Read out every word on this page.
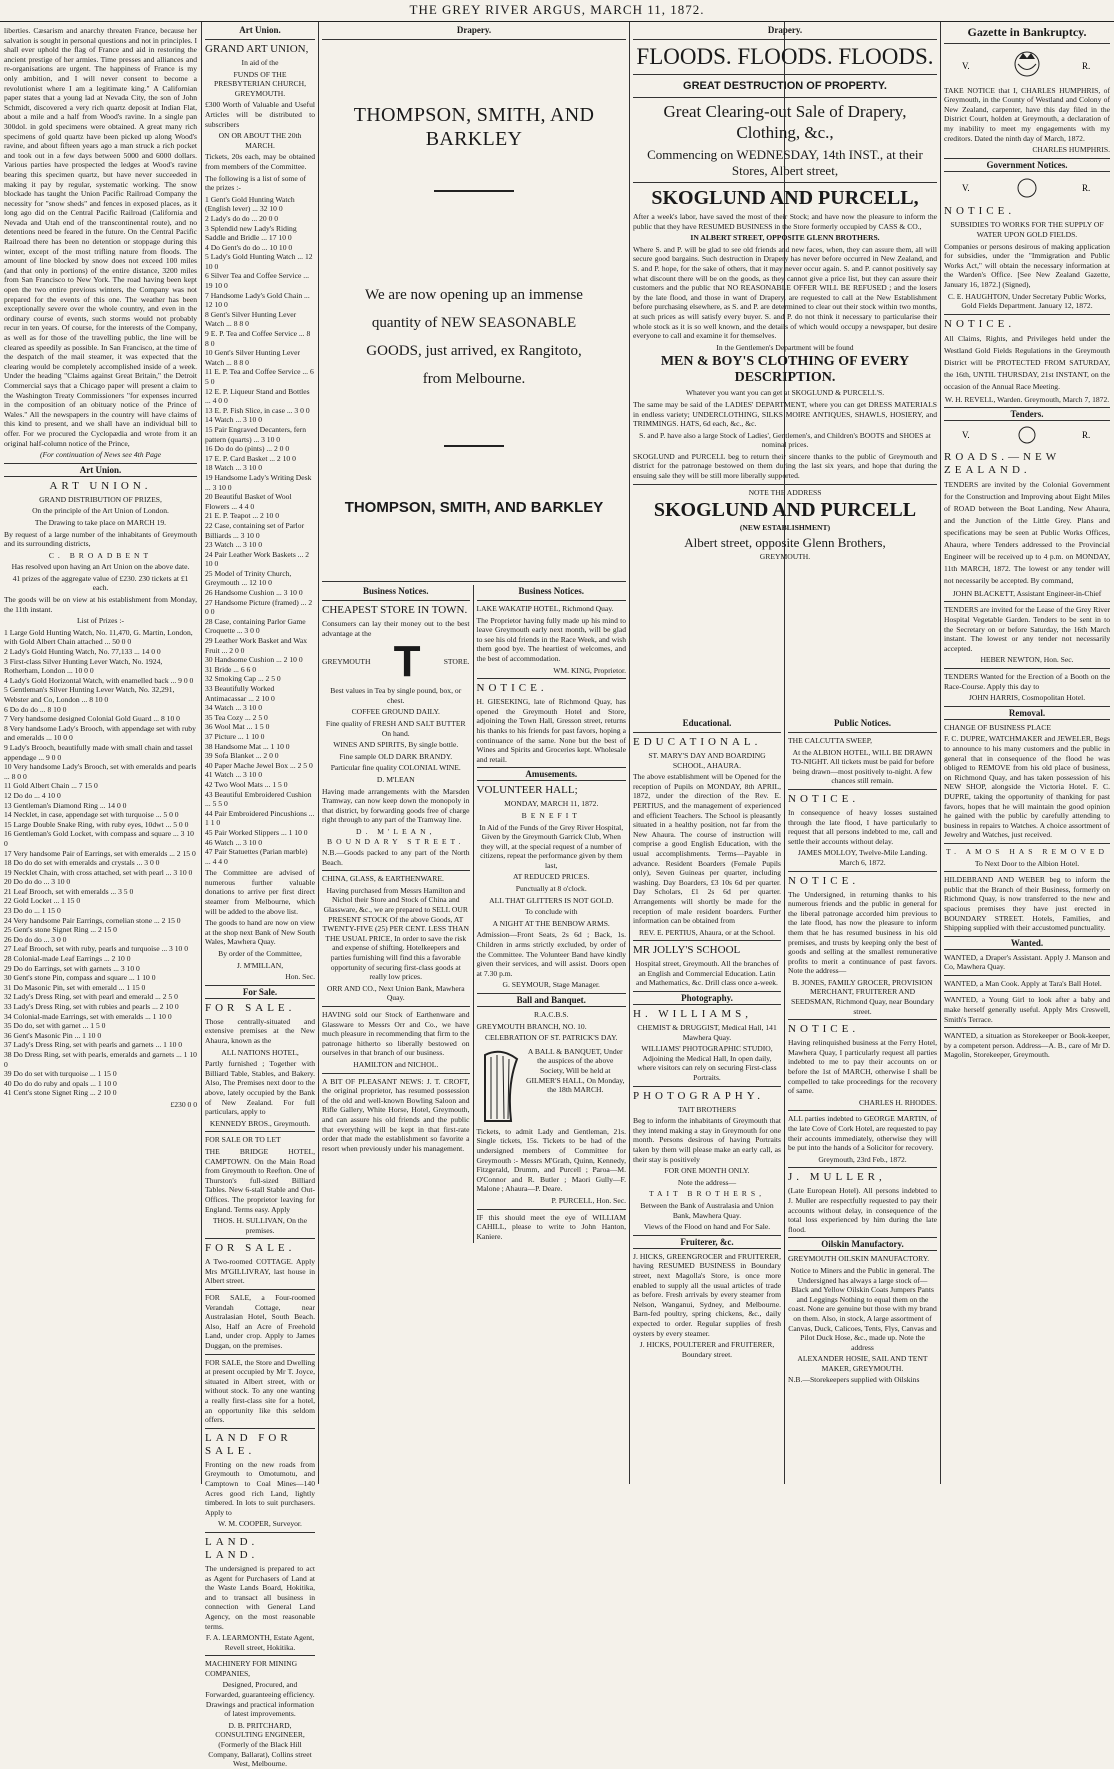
THE GREY RIVER ARGUS, MARCH 11, 1872.

liberties. Cæsarism and anarchy threaten France, because her salvation is sought in personal questions and not in principles. I shall ever uphold the flag of France and aid in restoring the ancient prestige of her armies. Time presses and alliances and re-organisations are urgent. The happiness of France is my only ambition, and I will never consent to become a revolutionist where I am a legitimate king." A Californian paper states that a young lad at Nevada City, the son of John Schmidt, discovered a very rich quartz deposit at Indian Flat, about a mile and a half from Wood's ravine. In a single pan 300dol. in gold specimens were obtained. A great many rich specimens of gold quartz have been picked up along Wood's ravine, and about fifteen years ago a man struck a rich pocket and took out in a few days between 5000 and 6000 dollars. Various parties have prospected the ledges at Wood's ravine bearing this specimen quartz, but have never succeeded in making it pay by regular, systematic working. The snow blockade has taught the Union Pacific Railroad Company the necessity for "snow sheds" and fences in exposed places, as it long ago did on the Central Pacific Railroad (California and Nevada and Utah end of the transcontinental route), and no detentions need be feared in the future. On the Central Pacific Railroad there has been no detention or stoppage during this winter, except of the most trifling nature from floods. The amount of line blocked by snow does not exceed 100 miles (and that only in portions) of the entire distance, 3200 miles from San Francisco to New York. The road having been kept open the two entire previous winters, the Company was not prepared for the events of this one. The weather has been exceptionally severe over the whole country, and even in the ordinary course of events, such storms would not probably recur in ten years. Of course, for the interests of the Company, as well as for those of the travelling public, the line will be cleared as speedily as possible. In San Francisco, at the time of the despatch of the mail steamer, it was expected that the clearing would be completely accomplished inside of a week. Under the heading "Claims against Great Britain," the Detroit Commercial says that a Chicago paper will present a claim to the Washington Treaty Commissioners "for expenses incurred in the composition of an obituary notice of the Prince of Wales." All the newspapers in the country will have claims of this kind to present, and we shall have an individual bill to offer. For we procured the Cyclopædia and wrote from it an original half-column notice of the Prince,

(For continuation of News see 4th Page

Art Union.

ART UNION.

GRAND DISTRIBUTION OF PRIZES,

On the principle of the Art Union of London.

The Drawing to take place on MARCH 19.

By request of a large number of the inhabitants of Greymouth and its surrounding districts,

C. BROADBENT

Has resolved upon having an Art Union on the above date.

41 prizes of the aggregate value of £230. 230 tickets at £1 each.

The goods will be on view at his establishment from Monday, the 11th instant.

List of Prizes :-

1 Large Gold Hunting Watch, No. 11,470, G. Martin, London, with Gold Albert Chain attached ... 50 0 0
2 Lady's Gold Hunting Watch, No. 77,133 ... 14 0 0
3 First-class Silver Hunting Lever Watch, No. 1924, Rotherham, London ... 10 0 0
4 Lady's Gold Horizontal Watch, with enamelled back ... 9 0 0
5 Gentleman's Silver Hunting Lever Watch, No. 32,291, Webster and Co, London ... 8 10 0
6 Do do do ... 8 10 0
7 Very handsome designed Colonial Gold Guard ... 8 10 0
8 Very handsome Lady's Brooch, with appendage set with ruby and emeralds ... 10 0 0
9 Lady's Brooch, beautifully made with small chain and tassel appendage ... 9 0 0
10 Very handsome Lady's Brooch, set with emeralds and pearls ... 8 0 0
11 Gold Albert Chain ... 7 15 0
12 Do do ... 4 10 0
13 Gentleman's Diamond Ring ... 14 0 0
14 Necklet, in case, appendage set with turquoise ... 5 0 0
15 Large Double Snake Ring, with ruby eyes, 10dwt ... 5 0 0
16 Gentleman's Gold Locket, with compass and square ... 3 10 0
17 Very handsome Pair of Earrings, set with emeralds ... 2 15 0
18 Do do do set with emeralds and crystals ... 3 0 0
19 Necklet Chain, with cross attached, set with pearl ... 3 10 0
20 Do do do ... 3 10 0
21 Leaf Brooch, set with emeralds ... 3 5 0
22 Gold Locket ... 1 15 0
23 Do do ... 1 15 0
24 Very handsome Pair Earrings, cornelian stone ... 2 15 0
25 Gent's stone Signet Ring ... 2 15 0
26 Do do do ... 3 0 0
27 Leaf Brooch, set with ruby, pearls and turquoise ... 3 10 0
28 Colonial-made Leaf Earrings ... 2 10 0
29 Do do Earrings, set with garnets ... 3 10 0
30 Gent's stone Pin, compass and square ... 1 10 0
31 Do Masonic Pin, set with emerald ... 1 15 0
32 Lady's Dress Ring, set with pearl and emerald ... 2 5 0
33 Lady's Dress Ring, set with rubies and pearls ... 2 10 0
34 Colonial-made Earrings, set with emeralds ... 1 10 0
35 Do do, set with garnet ... 1 5 0
36 Gent's Masonic Pin ... 1 10 0
37 Lady's Dress Ring, set with pearls and garnets ... 1 10 0
38 Do Dress Ring, set with pearls, emeralds and garnets ... 1 10 0
39 Do do set with turquoise ... 1 15 0
40 Do do do ruby and opals ... 1 10 0
41 Cent's stone Signet Ring ... 2 10 0

£230 0 0

Art Union.

GRAND ART UNION,

In aid of the

FUNDS OF THE PRESBYTERIAN CHURCH, GREYMOUTH.

£300 Worth of Valuable and Useful Articles will be distributed to subscribers

ON OR ABOUT THE 20th MARCH.

Tickets, 20s each, may be obtained from members of the Committee.

The following is a list of some of the prizes :-

1 Gent's Gold Hunting Watch (English lever) ... 32 10 0
2 Lady's do do ... 20 0 0
3 Splendid new Lady's Riding Saddle and Bridle ... 17 10 0
4 Do Gent's do do ... 10 10 0
5 Lady's Gold Hunting Watch ... 12 10 0
6 Silver Tea and Coffee Service ... 19 10 0
7 Handsome Lady's Gold Chain ... 12 10 0
8 Gent's Silver Hunting Lever Watch ... 8 8 0
9 E. P. Tea and Coffee Service ... 8 8 0
10 Gent's Silver Hunting Lever Watch ... 8 8 0
11 E. P. Tea and Coffee Service ... 6 5 0
12 E. P. Liqueur Stand and Bottles ... 4 0 0
13 E. P. Fish Slice, in case ... 3 0 0
14 Watch ... 3 10 0
15 Pair Engraved Decanters, fern pattern (quarts) ... 3 10 0
16 Do do do (pints) ... 2 0 0
17 E. P. Card Basket ... 2 10 0
18 Watch ... 3 10 0
19 Handsome Lady's Writing Desk ... 3 10 0
20 Beautiful Basket of Wool Flowers ... 4 4 0
21 E. P. Teapot ... 2 10 0
22 Case, containing set of Parlor Billiards ... 3 10 0
23 Watch ... 3 10 0
24 Pair Leather Work Baskets ... 2 10 0
25 Model of Trinity Church, Greymouth ... 12 10 0
26 Handsome Cushion ... 3 10 0
27 Handsome Picture (framed) ... 2 0 0
28 Case, containing Parlor Game Croquette ... 3 0 0
29 Leather Work Basket and Wax Fruit ... 2 0 0
30 Handsome Cushion ... 2 10 0
31 Bride ... 6 6 0
32 Smoking Cap ... 2 5 0
33 Beautifully Worked Antimacassar ... 2 10 0
34 Watch ... 3 10 0
35 Tea Cozy ... 2 5 0
36 Wool Mat ... 1 5 0
37 Picture ... 1 10 0
38 Handsome Mat ... 1 10 0
39 Sofa Blanket ... 2 0 0
40 Paper Mache Jewel Box ... 2 5 0
41 Watch ... 3 10 0
42 Two Wool Mats ... 1 5 0
43 Beautiful Embroidered Cushion ... 5 5 0
44 Pair Embroidered Pincushions ... 1 1 0
45 Pair Worked Slippers ... 1 10 0
46 Watch ... 3 10 0
47 Pair Statuettes (Parian marble) ... 4 4 0

The Committee are advised of numerous further valuable donations to arrive per first direct steamer from Melbourne, which will be added to the above list.

The goods to hand are now on view at the shop next Bank of New South Wales, Mawhera Quay.

By order of the Committee,

J. M'MILLAN,

Hon. Sec.

For Sale.

FOR SALE.

Those centrally-situated and extensive premises at the New Ahaura, known as the

ALL NATIONS HOTEL,

Partly furnished ; Together with Billiard Table, Stables, and Bakery. Also, The Premises next door to the above, lately occupied by the Bank of New Zealand. For full particulars, apply to

KENNEDY BROS., Greymouth.

FOR SALE OR TO LET

THE BRIDGE HOTEL, CAMPTOWN. On the Main Road from Greymouth to Reefton. One of Thurston's full-sized Billiard Tables. New 6-stall Stable and Out-Offices. The proprietor leaving for England. Terms easy. Apply

THOS. H. SULLIVAN, On the premises.

FOR SALE.

A Two-roomed COTTAGE. Apply Mrs M'GILLIVRAY, last house in Albert street.

FOR SALE, a Four-roomed Verandah Cottage, near Australasian Hotel, South Beach. Also, Half an Acre of Freehold Land, under crop. Apply to James Duggan, on the premises.

FOR SALE, the Store and Dwelling at present occupied by Mr T. Joyce, situated in Albert street, with or without stock. To any one wanting a really first-class site for a hotel, an opportunity like this seldom offers.

LAND FOR SALE.

Fronting on the new roads from Greymouth to Omotumotu, and Camptown to Coal Mines—140 Acres good rich Land, lightly timbered. In lots to suit purchasers. Apply to

W. M. COOPER, Surveyor.

LAND. LAND.

The undersigned is prepared to act as Agent for Purchasers of Land at the Waste Lands Board, Hokitika, and to transact all business in connection with General Land Agency, on the most reasonable terms.

F. A. LEARMONTH, Estate Agent, Revell street, Hokitika.

MACHINERY FOR MINING COMPANIES,

Designed, Procured, and Forwarded, guaranteeing efficiency. Drawings and practical information of latest improvements.

D. B. PRITCHARD, CONSULTING ENGINEER, (Formerly of the Black Hill Company, Ballarat), Collins street West, Melbourne.

Drapery.
THOMPSON, SMITH, AND BARKLEY
We are now opening up an immense quantity of NEW SEASONABLE GOODS, just arrived, ex Rangitoto, from Melbourne.
THOMPSON, SMITH, AND BARKLEY
Business Notices.

CHEAPEST STORE IN TOWN.

Consumers can lay their money out to the best advantage at the

GREYMOUTH T	STORE.

Best values in Tea by single pound, box, or chest.

COFFEE GROUND DAILY.

Fine quality of FRESH AND SALT BUTTER On hand.

WINES AND SPIRITS, By single bottle.

Fine sample OLD DARK BRANDY.

Particular fine quality COLONIAL WINE.

D. M'LEAN

Having made arrangements with the Marsden Tramway, can now keep down the monopoly in that district, by forwarding goods free of charge right through to any part of the Tramway line.

D. M'LEAN, BOUNDARY STREET.

N.B.—Goods packed to any part of the North Beach.

CHINA, GLASS, & EARTHENWARE.

Having purchased from Messrs Hamilton and Nichol their Store and Stock of China and Glassware, &c., we are prepared to SELL OUR PRESENT STOCK Of the above Goods, AT TWENTY-FIVE (25) PER CENT. LESS THAN THE USUAL PRICE, In order to save the risk and expense of shifting. Hotelkeepers and parties furnishing will find this a favorable opportunity of securing first-class goods at really low prices.

ORR AND CO., Next Union Bank, Mawhera Quay.

HAVING sold our Stock of Earthenware and Glassware to Messrs Orr and Co., we have much pleasure in recommending that firm to the patronage hitherto so liberally bestowed on ourselves in that branch of our business.

HAMILTON and NICHOL.

A BIT OF PLEASANT NEWS: J. T. CROFT, the original proprietor, has resumed possession of the old and well-known Bowling Saloon and Rifle Gallery, White Horse, Hotel, Greymouth, and can assure his old friends and the public that everything will be kept in that first-rate order that made the establishment so favorite a resort when previously under his management.

Business Notices.

LAKE WAKATIP HOTEL, Richmond Quay.

The Proprietor having fully made up his mind to leave Greymouth early next month, will be glad to see his old friends in the Race Week, and wish them good bye. The heartiest of welcomes, and the best of accommodation.

WM. KING, Proprietor.

NOTICE.

H. GIESEKING, late of Richmond Quay, has opened the Greymouth Hotel and Store, adjoining the Town Hall, Gresson street, returns his thanks to his friends for past favors, hoping a continuance of the same. None but the best of Wines and Spirits and Groceries kept. Wholesale and retail.

Amusements.

VOLUNTEER HALL;

MONDAY, MARCH 11, 1872.

BENEFIT

In Aid of the Funds of the Grey River Hospital, Given by the Greymouth Garrick Club, When they will, at the special request of a number of citizens, repeat the performance given by them last,

AT REDUCED PRICES.

Punctually at 8 o'clock.

ALL THAT GLITTERS IS NOT GOLD.

To conclude with

A NIGHT AT THE BENBOW ARMS.

Admission—Front Seats, 2s 6d ; Back, 1s. Children in arms strictly excluded, by order of the Committee. The Volunteer Band have kindly given their services, and will assist. Doors open at 7.30 p.m.

G. SEYMOUR, Stage Manager.

Ball and Banquet.

R.A.C.B.S.

GREYMOUTH BRANCH, NO. 10.

CELEBRATION OF ST. PATRICK'S DAY.

A BALL & BANQUET, Under the auspices of the above Society, Will be held at GILMER'S HALL, On Monday, the 18th MARCH.

Tickets, to admit Lady and Gentleman, 21s. Single tickets, 15s. Tickets to be had of the undersigned members of Committee for Greymouth :- Messrs M'Grath, Quinn, Kennedy, Fitzgerald, Drumm, and Purcell ; Paroa—M. O'Connor and R. Butler ; Maori Gully—F. Malone ; Ahaura—P. Deare.

P. PURCELL, Hon. Sec.

IF this should meet the eye of WILLIAM CAHILL, please to write to John Hanton, Kaniere.

Drapery.
FLOODS. FLOODS. FLOODS.
GREAT DESTRUCTION OF PROPERTY.
Great Clearing-out Sale of Drapery, Clothing, &c.,
Commencing on WEDNESDAY, 14th INST., at their Stores, Albert street,
SKOGLUND AND PURCELL,

After a week's labor, have saved the most of their Stock; and have now the pleasure to inform the public that they have RESUMED BUSINESS in the Store formerly occupied by CASS & CO.,

IN ALBERT STREET, OPPOSITE GLENN BROTHERS.

Where S. and P. will be glad to see old friends and new faces, when, they can assure them, all will secure good bargains. Such destruction in Drapery has never before occurred in New Zealand, and S. and P. hope, for the sake of others, that it may never occur again. S. and P. cannot positively say what discount there will be on the goods, as they cannot give a price list, but they can assure their customers and the public that NO REASONABLE OFFER WILL BE REFUSED ; and the losers by the late flood, and those in want of Drapery, are requested to call at the New Establishment before purchasing elsewhere, as S. and P. are determined to clear out their stock within two months, at such prices as will satisfy every buyer. S. and P. do not think it necessary to particularise their whole stock as it is so well known, and the details of which would occupy a newspaper, but desire everyone to call and examine it for themselves.

In the Gentlemen's Department will be found

MEN & BOY'S CLOTHING OF EVERY DESCRIPTION.

Whatever you want you can get at SKOGLUND & PURCELL'S.

The same may be said of the LADIES' DEPARTMENT, where you can get DRESS MATERIALS in endless variety; UNDERCLOTHING, SILKS MOIRE ANTIQUES, SHAWLS, HOSIERY, and TRIMMINGS. HATS, 6d each, &c., &c.

S. and P. have also a large Stock of Ladies', Gentlemen's, and Children's BOOTS and SHOES at nominal prices.

SKOGLUND and PURCELL beg to return their sincere thanks to the public of Greymouth and district for the patronage bestowed on them during the last six years, and hope that during the ensuing sale they will be still more liberally supported.

NOTE THE ADDRESS

SKOGLUND AND PURCELL

(NEW ESTABLISHMENT)

Albert street, opposite Glenn Brothers,

GREYMOUTH.

Educational.

EDUCATIONAL.

ST. MARY'S DAY AND BOARDING SCHOOL, AHAURA.

The above establishment will be Opened for the reception of Pupils on MONDAY, 8th APRIL, 1872, under the direction of the Rev. E. PERTIUS, and the management of experienced and efficient Teachers. The School is pleasantly situated in a healthy position, not far from the New Ahaura. The course of instruction will comprise a good English Education, with the usual accomplishments. Terms—Payable in advance. Resident Boarders (Female Pupils only), Seven Guineas per quarter, including washing. Day Boarders, £3 10s 6d per quarter. Day Scholars, £1 2s 6d per quarter. Arrangements will shortly be made for the reception of male resident boarders. Further information can be obtained from

REV. E. PERTIUS, Ahaura, or at the School.

MR JOLLY'S SCHOOL

Hospital street, Greymouth. All the branches of an English and Commercial Education. Latin and Mathematics, &c. Drill class once a-week.

Photography.

H. WILLIAMS,

CHEMIST & DRUGGIST, Medical Hall, 141 Mawhera Quay.

WILLIAMS' PHOTOGRAPHIC STUDIO, Adjoining the Medical Hall, In open daily, where visitors can rely on securing First-class Portraits.

PHOTOGRAPHY.

TAIT BROTHERS

Beg to inform the inhabitants of Greymouth that they intend making a stay in Greymouth for one month. Persons desirous of having Portraits taken by them will please make an early call, as their stay is positively

FOR ONE MONTH ONLY.

Note the address—

TAIT BROTHERS,

Between the Bank of Australasia and Union Bank, Mawhera Quay.

Views of the Flood on hand and For Sale.

Fruiterer, &c.

J. HICKS, GREENGROCER and FRUITERER, having RESUMED BUSINESS in Boundary street, next Magolla's Store, is once more enabled to supply all the usual articles of trade as before. Fresh arrivals by every steamer from Nelson, Wanganui, Sydney, and Melbourne. Barn-fed poultry, spring chickens, &c., daily expected to order. Regular supplies of fresh oysters by every steamer.

J. HICKS, POULTERER and FRUITERER, Boundary street.

Public Notices.

THE CALCUTTA SWEEP,

At the ALBION HOTEL, WILL BE DRAWN TO-NIGHT. All tickets must be paid for before being drawn—most positively to-night. A few chances still remain.

NOTICE.

In consequence of heavy losses sustained through the late flood, I have particularly to request that all persons indebted to me, call and settle their accounts without delay.

JAMES MOLLOY, Twelve-Mile Landing. March 6, 1872.

NOTICE.

The Undersigned, in returning thanks to his numerous friends and the public in general for the liberal patronage accorded him previous to the late flood, has now the pleasure to inform them that he has resumed business in his old premises, and trusts by keeping only the best of goods and selling at the smallest remunerative profits to merit a continuance of past favors. Note the address—

B. JONES, FAMILY GROCER, PROVISION MERCHANT, FRUITERER AND SEEDSMAN, Richmond Quay, near Boundary street.

NOTICE.

Having relinquished business at the Ferry Hotel, Mawhera Quay, I particularly request all parties indebted to me to pay their accounts on or before the 1st of MARCH, otherwise I shall be compelled to take proceedings for the recovery of same.

CHARLES H. RHODES.

ALL parties indebted to GEORGE MARTIN, of the late Cove of Cork Hotel, are requested to pay their accounts immediately, otherwise they will be put into the hands of a Solicitor for recovery.

Greymouth, 23rd Feb., 1872.

J. MULLER,

(Late European Hotel). All persons indebted to J. Muller are respectfully requested to pay their accounts without delay, in consequence of the total loss experienced by him during the late flood.

Oilskin Manufactory.

GREYMOUTH OILSKIN MANUFACTORY.

Notice to Miners and the Public in general. The Undersigned has always a large stock of— Black and Yellow Oilskin Coats Jumpers Pants and Leggings Nothing to equal them on the coast. None are genuine but those with my brand on them. Also, in stock, A large assortment of Canvas, Duck, Calicoes, Tents, Flys, Canvas and Pilot Duck Hose, &c., made up. Note the address

ALEXANDER HOSIE, SAIL AND TENT MAKER, GREYMOUTH.

N.B.—Storekeepers supplied with Oilskins

Gazette in Bankruptcy.
V.	R.

TAKE NOTICE that I, CHARLES HUMPHRIS, of Greymouth, in the County of Westland and Colony of New Zealand, carpenter, have this day filed in the District Court, holden at Greymouth, a declaration of my inability to meet my engagements with my creditors. Dated the ninth day of March, 1872.

CHARLES HUMPHRIS.

Government Notices.
V.	R.

NOTICE.

SUBSIDIES TO WORKS FOR THE SUPPLY OF WATER UPON GOLD FIELDS.

Companies or persons desirous of making application for subsidies, under the "Immigration and Public Works Act," will obtain the necessary information at the Warden's Office. [See New Zealand Gazette, January 16, 1872.] (Signed),

C. E. HAUGHTON, Under Secretary Public Works, Gold Fields Department. January 12, 1872.

NOTICE.

All Claims, Rights, and Privileges held under the Westland Gold Fields Regulations in the Greymouth District will be PROTECTED FROM SATURDAY, the 16th, UNTIL THURSDAY, 21st INSTANT, on the occasion of the Annual Race Meeting.

W. H. REVELL, Warden. Greymouth, March 7, 1872.

Tenders.
V.	R.

ROADS.—NEW ZEALAND.

TENDERS are invited by the Colonial Government for the Construction and Improving about Eight Miles of ROAD between the Boat Landing, New Ahaura, and the Junction of the Little Grey. Plans and specifications may be seen at Public Works Offices, Ahaura, where Tenders addressed to the Provincial Engineer will be received up to 4 p.m. on MONDAY, 11th MARCH, 1872. The lowest or any tender will not necessarily be accepted. By command,

JOHN BLACKETT, Assistant Engineer-in-Chief

TENDERS are invited for the Lease of the Grey River Hospital Vegetable Garden. Tenders to be sent in to the Secretary on or before Saturday, the 16th March instant. The lowest or any tender not necessarily accepted.

HEBER NEWTON, Hon. Sec.

TENDERS Wanted for the Erection of a Booth on the Race-Course. Apply this day to

JOHN HARRIS, Cosmopolitan Hotel.

Removal.

CHANGE OF BUSINESS PLACE

F. C. DUPRE, WATCHMAKER and JEWELER, Begs to announce to his many customers and the public in general that in consequence of the flood he was obliged to REMOVE from his old place of business, on Richmond Quay, and has taken possession of his NEW SHOP, alongside the Victoria Hotel. F. C. DUPRE, taking the opportunity of thanking for past favors, hopes that he will maintain the good opinion he gained with the public by carefully attending to business in repairs to Watches. A choice assortment of Jewelry and Watches, just received.

T. AMOS HAS REMOVED

To Next Door to the Albion Hotel.

HILDEBRAND AND WEBER beg to inform the public that the Branch of their Business, formerly on Richmond Quay, is now transferred to the new and spacious premises they have just erected in BOUNDARY STREET. Hotels, Families, and Shipping supplied with their accustomed punctuality.

Wanted.

WANTED, a Draper's Assistant. Apply J. Manson and Co, Mawhera Quay.

WANTED, a Man Cook. Apply at Tara's Ball Hotel.

WANTED, a Young Girl to look after a baby and make herself generally useful. Apply Mrs Creswell, Smith's Terrace.

WANTED, a situation as Storekeeper or Book-keeper, by a competent person. Address—A. B., care of Mr D. Magolin, Storekeeper, Greymouth.
